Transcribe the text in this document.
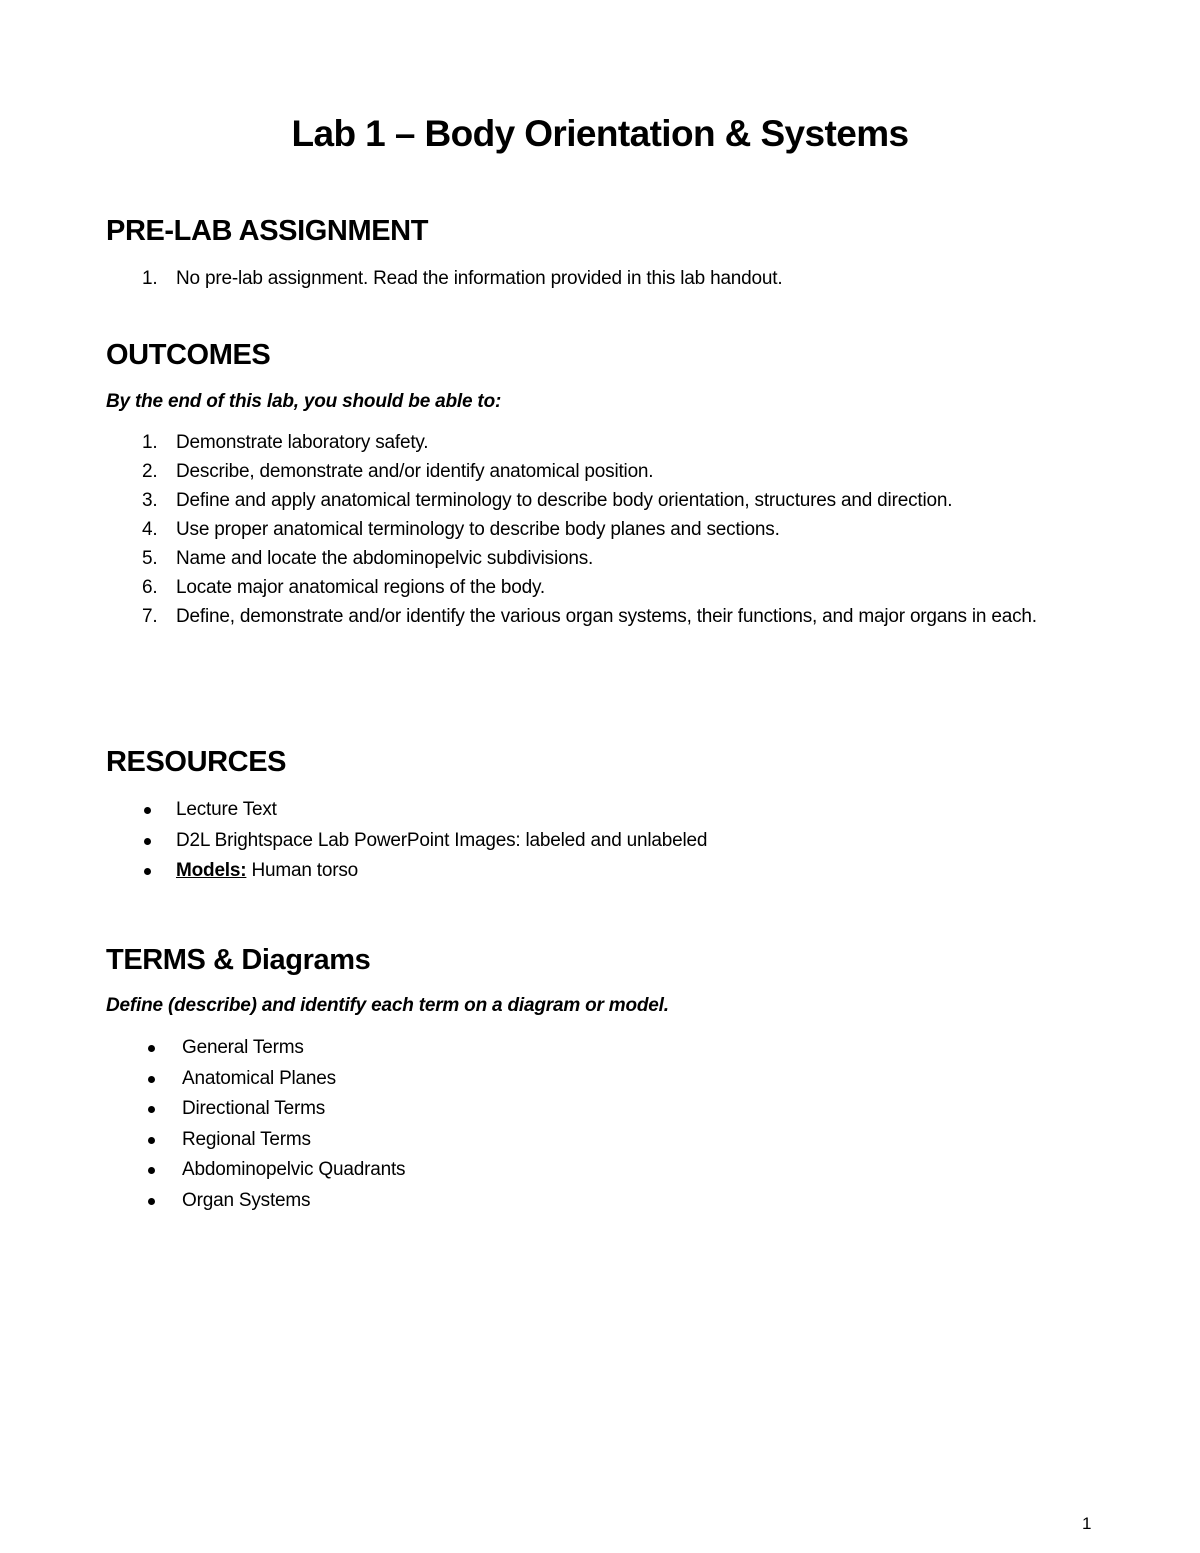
Lab 1 – Body Orientation & Systems
PRE-LAB ASSIGNMENT
1. No pre-lab assignment. Read the information provided in this lab handout.
OUTCOMES

By the end of this lab, you should be able to:

1. Demonstrate laboratory safety.
2. Describe, demonstrate and/or identify anatomical position.
3. Define and apply anatomical terminology to describe body orientation, structures and direction.
4. Use proper anatomical terminology to describe body planes and sections.
5. Name and locate the abdominopelvic subdivisions.
6. Locate major anatomical regions of the body.
7. Define, demonstrate and/or identify the various organ systems, their functions, and major organs in each.
RESOURCES
Lecture Text
D2L Brightspace Lab PowerPoint Images: labeled and unlabeled
Models: Human torso
TERMS & Diagrams

Define (describe) and identify each term on a diagram or model.

General Terms
Anatomical Planes
Directional Terms
Regional Terms
Abdominopelvic Quadrants
Organ Systems
1
